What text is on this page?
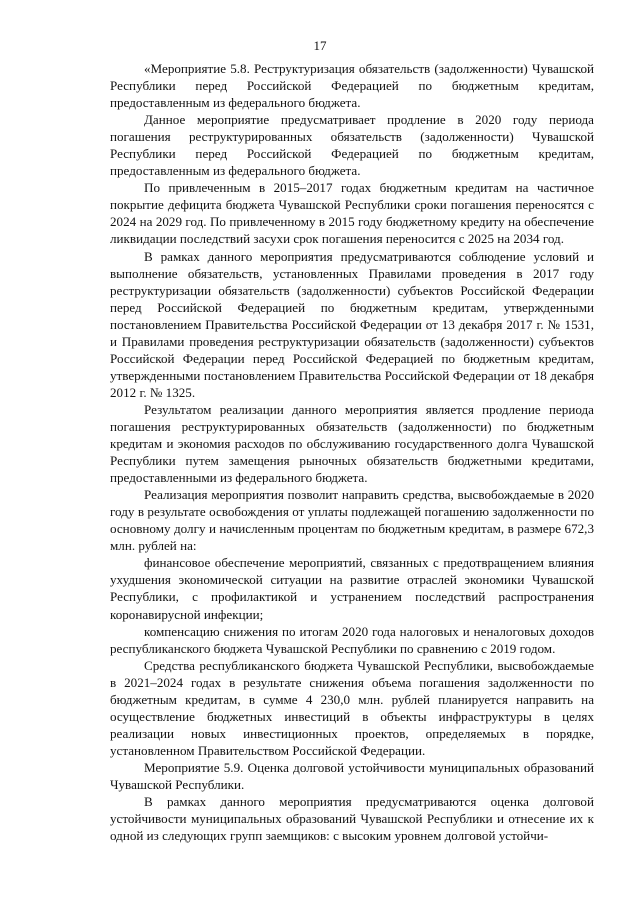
17

«Мероприятие 5.8. Реструктуризация обязательств (задолженности) Чувашской Республики перед Российской Федерацией по бюджетным кредитам, предоставленным из федерального бюджета.

Данное мероприятие предусматривает продление в 2020 году периода погашения реструктурированных обязательств (задолженности) Чувашской Республики перед Российской Федерацией по бюджетным кредитам, предоставленным из федерального бюджета.

По привлеченным в 2015–2017 годах бюджетным кредитам на частичное покрытие дефицита бюджета Чувашской Республики сроки погашения переносятся с 2024 на 2029 год. По привлеченному в 2015 году бюджетному кредиту на обеспечение ликвидации последствий засухи срок погашения переносится с 2025 на 2034 год.

В рамках данного мероприятия предусматриваются соблюдение условий и выполнение обязательств, установленных Правилами проведения в 2017 году реструктуризации обязательств (задолженности) субъектов Российской Федерации перед Российской Федерацией по бюджетным кредитам, утвержденными постановлением Правительства Российской Федерации от 13 декабря 2017 г. № 1531, и Правилами проведения реструктуризации обязательств (задолженности) субъектов Российской Федерации перед Российской Федерацией по бюджетным кредитам, утвержденными постановлением Правительства Российской Федерации от 18 декабря 2012 г. № 1325.

Результатом реализации данного мероприятия является продление периода погашения реструктурированных обязательств (задолженности) по бюджетным кредитам и экономия расходов по обслуживанию государственного долга Чувашской Республики путем замещения рыночных обязательств бюджетными кредитами, предоставленными из федерального бюджета.

Реализация мероприятия позволит направить средства, высвобождаемые в 2020 году в результате освобождения от уплаты подлежащей погашению задолженности по основному долгу и начисленным процентам по бюджетным кредитам, в размере 672,3 млн. рублей на:

финансовое обеспечение мероприятий, связанных с предотвращением влияния ухудшения экономической ситуации на развитие отраслей экономики Чувашской Республики, с профилактикой и устранением последствий распространения коронавирусной инфекции;

компенсацию снижения по итогам 2020 года налоговых и неналоговых доходов республиканского бюджета Чувашской Республики по сравнению с 2019 годом.

Средства республиканского бюджета Чувашской Республики, высвобождаемые в 2021–2024 годах в результате снижения объема погашения задолженности по бюджетным кредитам, в сумме 4 230,0 млн. рублей планируется направить на осуществление бюджетных инвестиций в объекты инфраструктуры в целях реализации новых инвестиционных проектов, определяемых в порядке, установленном Правительством Российской Федерации.

Мероприятие 5.9. Оценка долговой устойчивости муниципальных образований Чувашской Республики.

В рамках данного мероприятия предусматриваются оценка долговой устойчивости муниципальных образований Чувашской Республики и отнесение их к одной из следующих групп заемщиков: с высоким уровнем долговой устойчи-
